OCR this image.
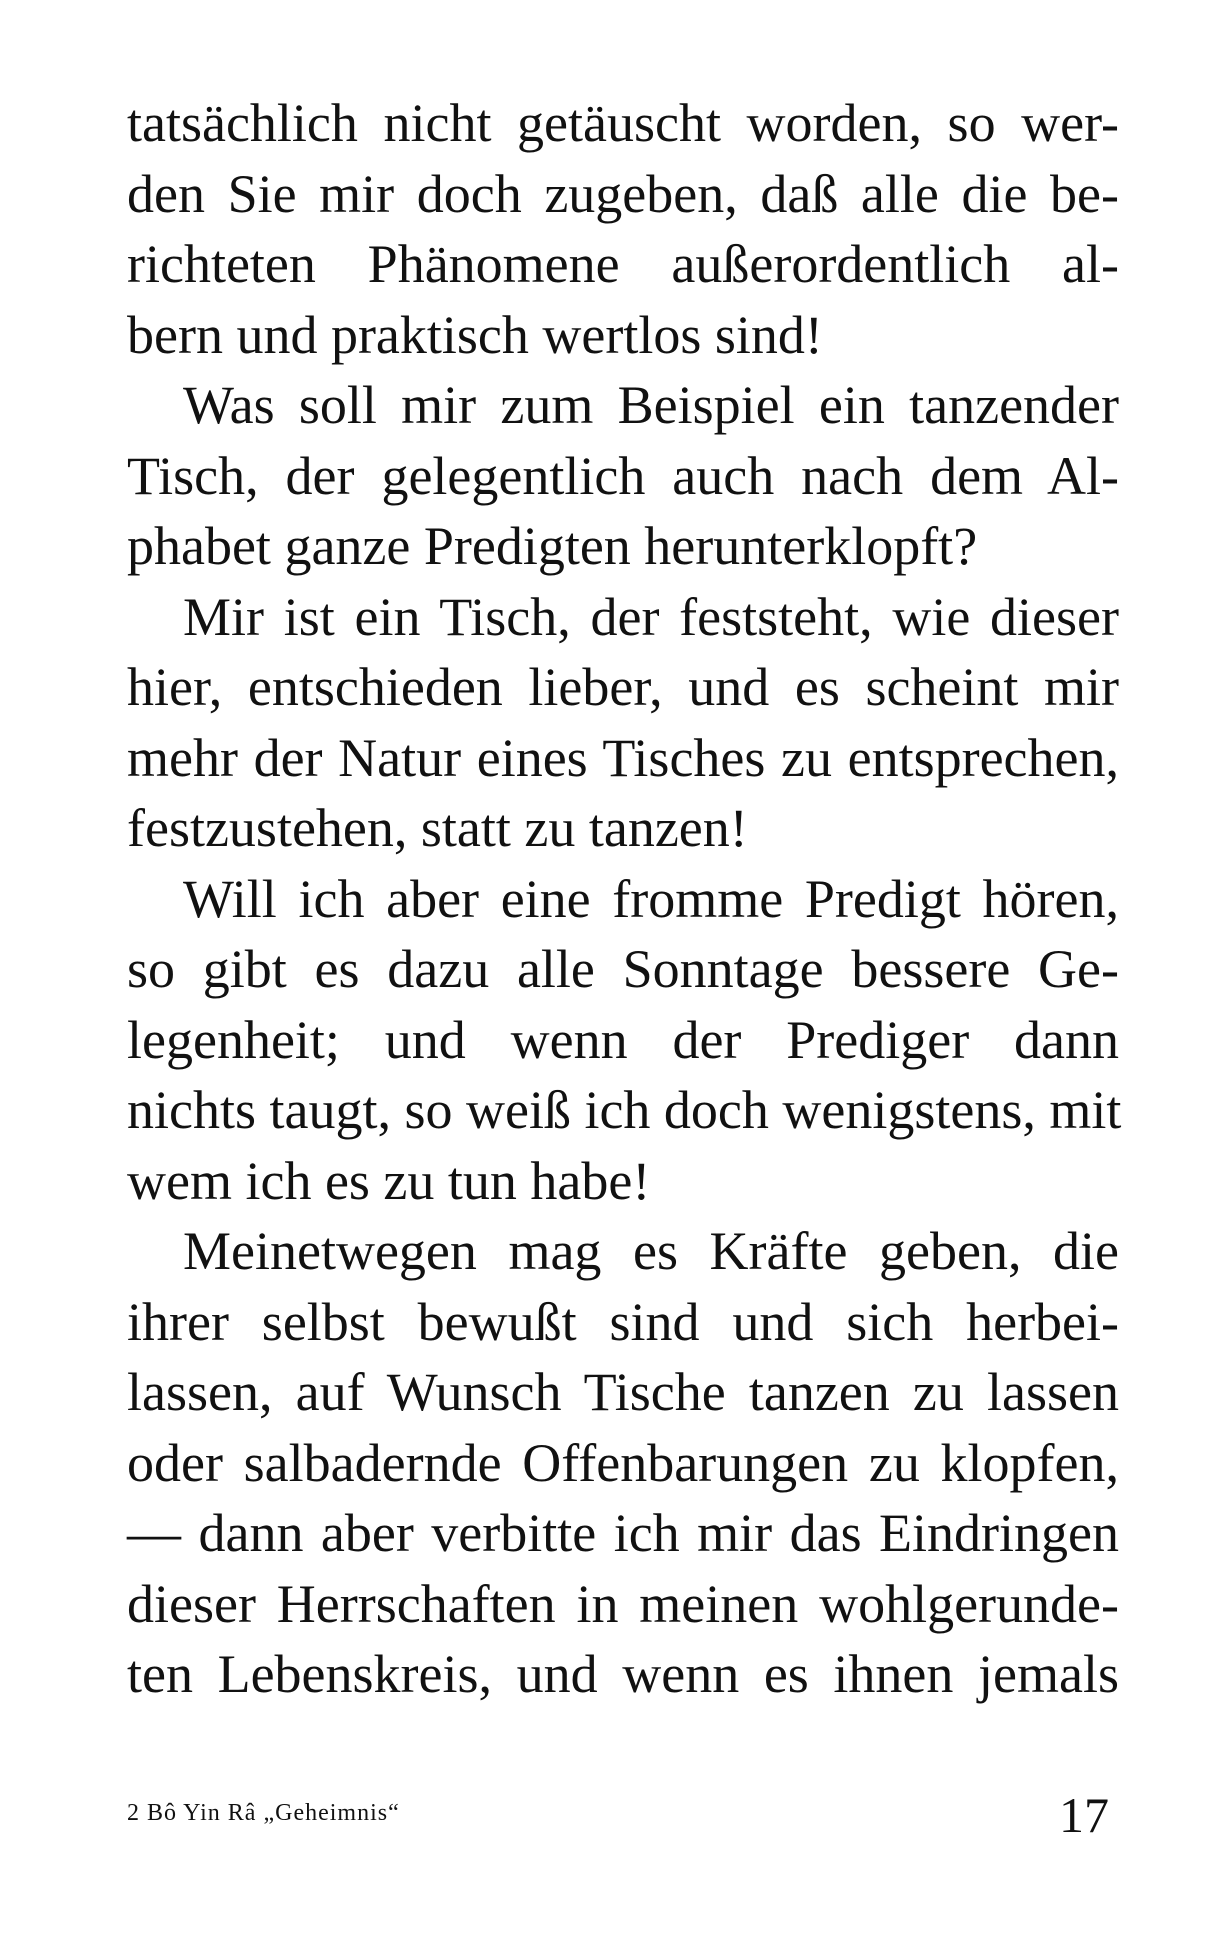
tatsächlich nicht getäuscht worden, so wer-
den Sie mir doch zugeben, daß alle die be-
richteten Phänomene außerordentlich al-
bern und praktisch wertlos sind!
Was soll mir zum Beispiel ein tanzender
Tisch, der gelegentlich auch nach dem Al-
phabet ganze Predigten herunterklopft?
Mir ist ein Tisch, der feststeht, wie dieser
hier, entschieden lieber, und es scheint mir
mehr der Natur eines Tisches zu entsprechen,
festzustehen, statt zu tanzen!
Will ich aber eine fromme Predigt hören,
so gibt es dazu alle Sonntage bessere Ge-
legenheit; und wenn der Prediger dann
nichts taugt, so weiß ich doch wenigstens, mit
wem ich es zu tun habe!
Meinetwegen mag es Kräfte geben, die
ihrer selbst bewußt sind und sich herbei-
lassen, auf Wunsch Tische tanzen zu lassen
oder salbadernde Offenbarungen zu klopfen,
— dann aber verbitte ich mir das Eindringen
dieser Herrschaften in meinen wohlgerunde-
ten Lebenskreis, und wenn es ihnen jemals
2 Bô Yin Râ „Geheimnis“	17
